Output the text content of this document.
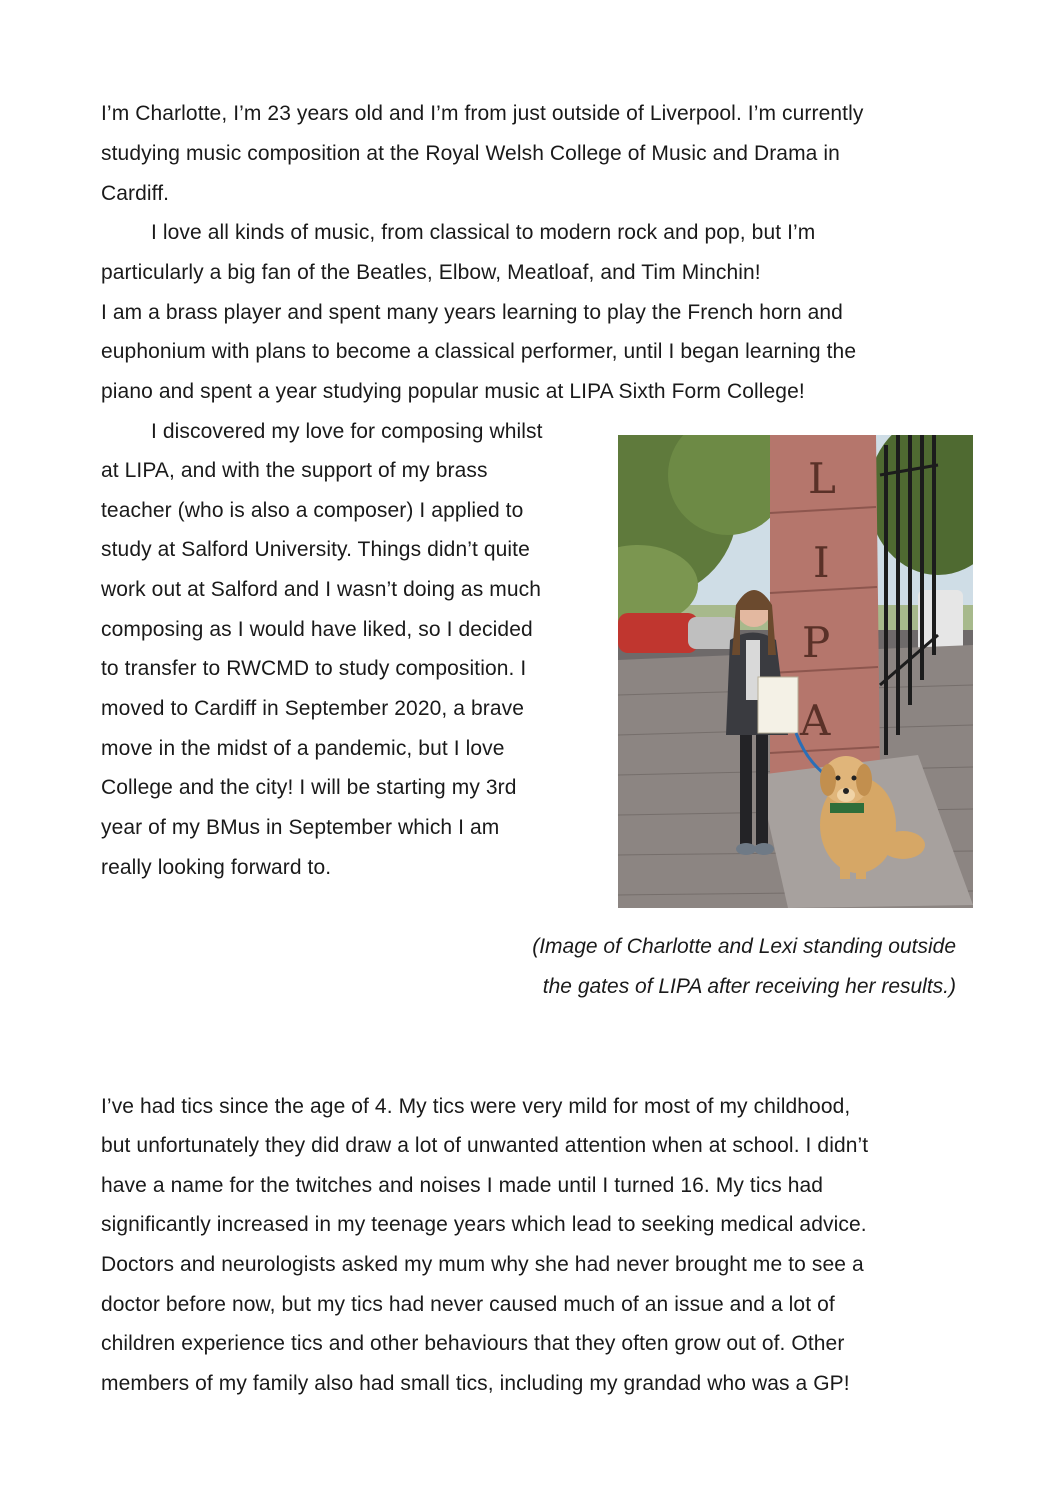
I’m Charlotte, I’m 23 years old and I’m from just outside of Liverpool. I’m currently
studying music composition at the Royal Welsh College of Music and Drama in
Cardiff.
I love all kinds of music, from classical to modern rock and pop, but I’m
particularly a big fan of the Beatles, Elbow, Meatloaf, and Tim Minchin!
I am a brass player and spent many years learning to play the French horn and
euphonium with plans to become a classical performer, until I began learning the
piano and spent a year studying popular music at LIPA Sixth Form College!
I discovered my love for composing whilst
at LIPA, and with the support of my brass
teacher (who is also a composer) I applied to
study at Salford University. Things didn’t quite
work out at Salford and I wasn’t doing as much
composing as I would have liked, so I decided
to transfer to RWCMD to study composition. I
moved to Cardiff in September 2020, a brave
move in the midst of a pandemic, but I love
College and the city! I will be starting my 3rd
year of my BMus in September which I am
really looking forward to.
L
I
P
A
(Image of Charlotte and Lexi standing outside
the gates of LIPA after receiving her results.)
I’ve had tics since the age of 4. My tics were very mild for most of my childhood,
but unfortunately they did draw a lot of unwanted attention when at school. I didn’t
have a name for the twitches and noises I made until I turned 16. My tics had
significantly increased in my teenage years which lead to seeking medical advice.
Doctors and neurologists asked my mum why she had never brought me to see a
doctor before now, but my tics had never caused much of an issue and a lot of
children experience tics and other behaviours that they often grow out of. Other
members of my family also had small tics, including my grandad who was a GP!
